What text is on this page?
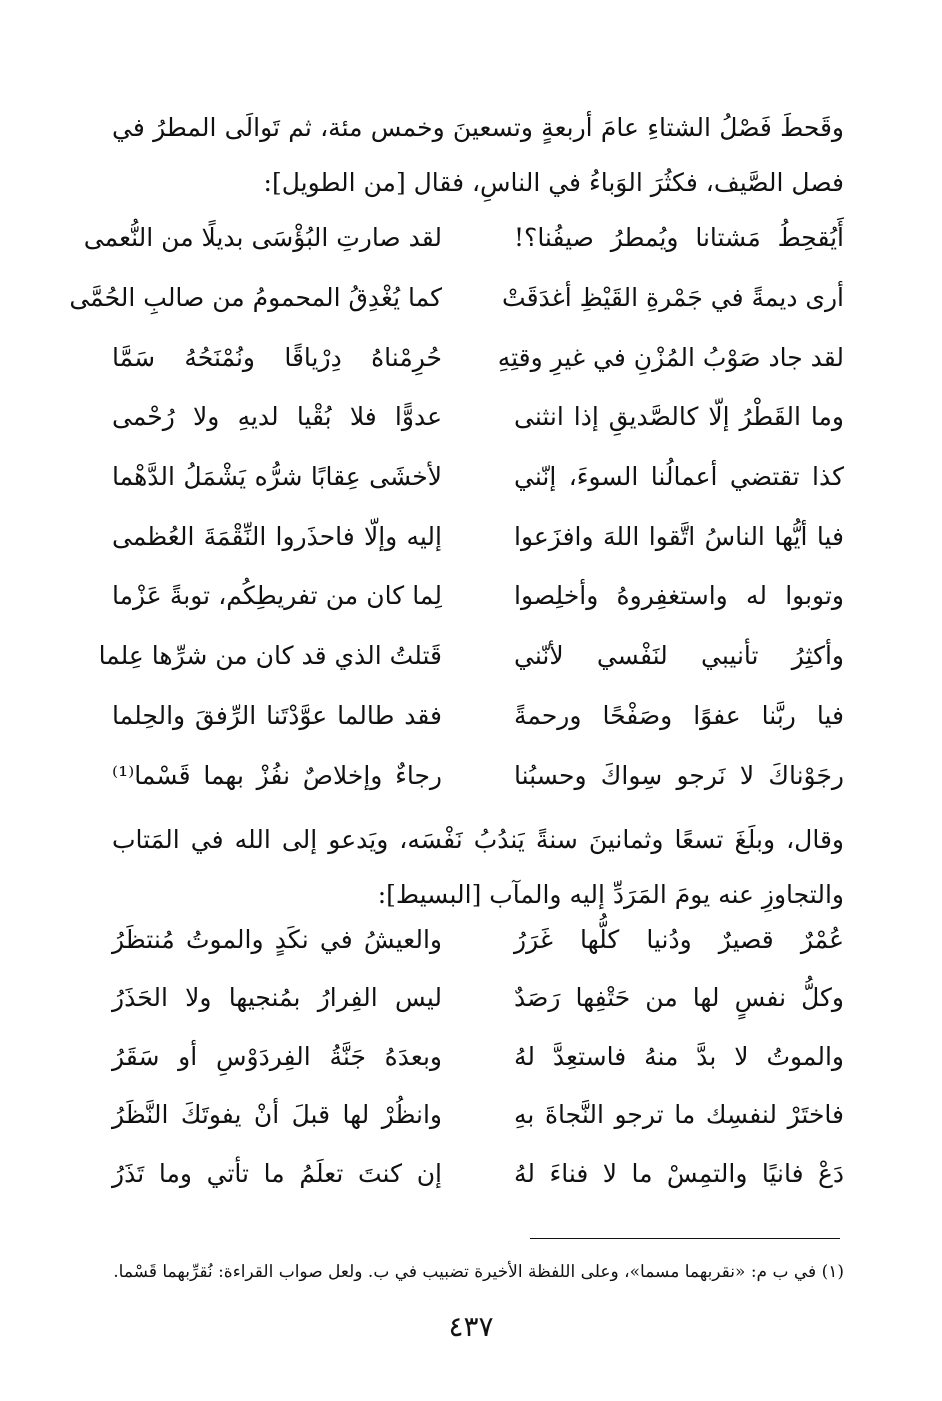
وقَحطَ فَصْلُ الشتاءِ عامَ أربعةٍ وتسعينَ وخمس مئة، ثم تَوالَى المطرُ في فصل الصَّيف، فكثُرَ الوَباءُ في الناسِ، فقال [من الطويل]:
أَيُقحِطُ مَشتانا ويُمطرُ صيفُنا؟!
لقد صارتِ البُؤْسَى بديلًا من النُّعمى
أرى ديمةً في جَمْرةِ القَيْظِ أغدَقَتْ
كما يُغْدِقُ المحمومُ من صالبِ الحُمَّى
لقد جاد صَوْبُ المُزْنِ في غيرِ وقتِهِ
حُرِمْناهُ دِرْياقًا ونُمْنَحُهُ سَمَّا
وما القَطْرُ إلّا كالصَّديقِ إذا انثنى
عدوًّا فلا بُقْيا لديهِ ولا رُحْمى
كذا تقتضي أعمالُنا السوءَ، إنّني
لأخشَى عِقابًا شرُّه يَشْمَلُ الدَّهْما
فيا أيُّها الناسُ اتَّقوا اللهَ وافزَعوا
إليه وإلّا فاحذَروا النِّقْمَةَ العُظمى
وتوبوا له واستغفِروهُ وأخلِصوا
لِما كان من تفريطِكُم، توبةً عَزْما
وأكثِرُ تأنيبي لنَفْسي لأنّني
قَتلتُ الذي قد كان من شرِّها عِلما
فيا ربَّنا عفوًا وصَفْحًا ورحمةً
فقد طالما عوَّدْتَنا الرِّفقَ والحِلما
رجَوْناكَ لا نَرجو سِواكَ وحسبُنا
رجاءٌ وإخلاصٌ نفُزْ بهما قَسْما⁽¹⁾
وقال، وبلَغَ تسعًا وثمانينَ سنةً يَندُبُ نَفْسَه، ويَدعو إلى الله في المَتاب والتجاوزِ عنه يومَ المَرَدِّ إليه والمآب [البسيط]:
عُمْرٌ قصيرٌ ودُنيا كلُّها غَرَرُ
والعيشُ في نكَدٍ والموتُ مُنتظَرُ
وكلُّ نفسٍ لها من حَتْفِها رَصَدٌ
ليس الفِرارُ بمُنجيها ولا الحَذَرُ
والموتُ لا بدَّ منهُ فاستعِدَّ لهُ
وبعدَهُ جَنَّةُ الفِردَوْسِ أو سَقَرُ
فاختَرْ لنفسِك ما ترجو النَّجاةَ بهِ
وانظُرْ لها قبلَ أنْ يفوتَكَ النَّظَرُ
دَعْ فانيًا والتمِسْ ما لا فناءَ لهُ
إن كنتَ تعلَمُ ما تأتي وما تَذَرُ
(١) في ب م: «نقربهما مسما»، وعلى اللفظة الأخيرة تضبيب في ب. ولعل صواب القراءة: نُقرِّبهما قَسْما.
٤٣٧
